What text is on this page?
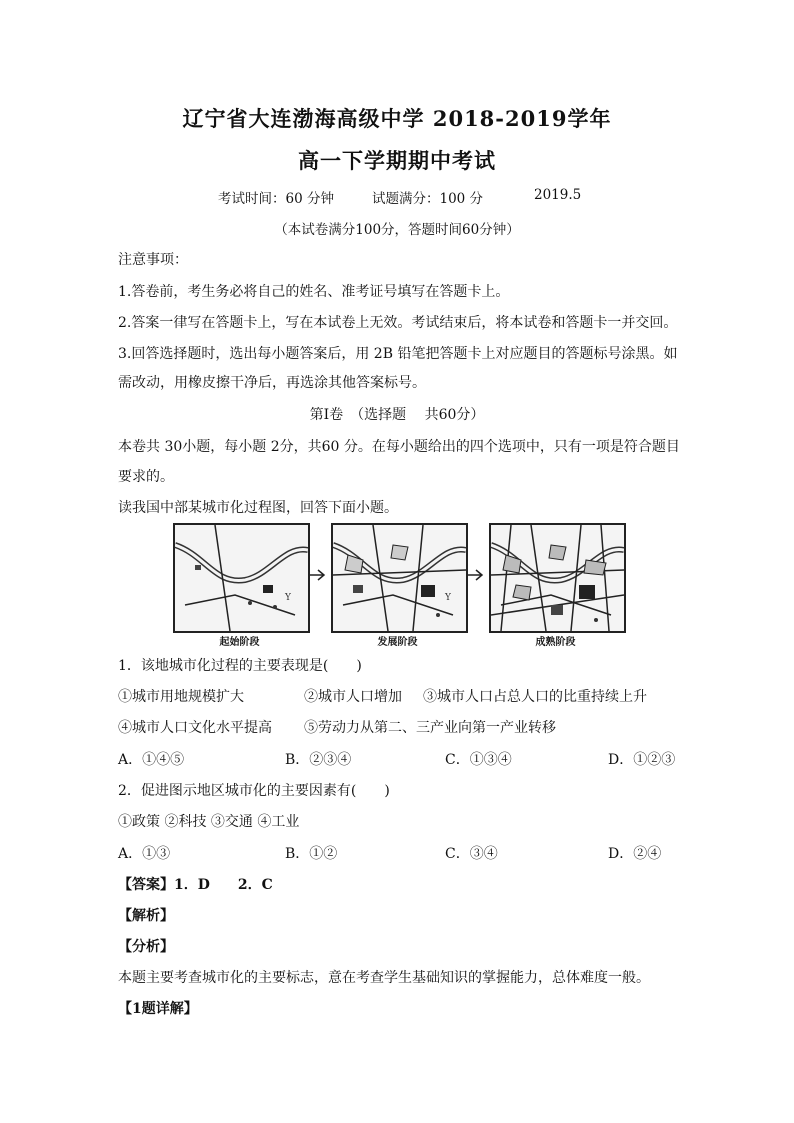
辽宁省大连渤海高级中学 2018-2019学年
高一下学期期中考试
考试时间：60 分钟	试题满分：100 分	2019.5
（本试卷满分100分，答题时间60分钟）
注意事项：
1.答卷前，考生务必将自己的姓名、准考证号填写在答题卡上。
2.答案一律写在答题卡上，写在本试卷上无效。考试结束后，将本试卷和答题卡一并交回。
3.回答选择题时，选出每小题答案后，用 2B 铅笔把答题卡上对应题目的答题标号涂黑。如
需改动，用橡皮擦干净后，再选涂其他答案标号。
第Ⅰ卷　（选择题　 共60分）
本卷共 30小题，每小题 2分，共60 分。在每小题给出的四个选项中，只有一项是符合题目
要求的。
读我国中部某城市化过程图，回答下面小题。
Y
起始阶段
Y
发展阶段	成熟阶段
1．该地城市化过程的主要表现是(　　)
①城市用地规模扩大	②城市人口增加 ③城市人口占总人口的比重持续上升
④城市人口文化水平提高 ⑤劳动力从第二、三产业向第一产业转移
A．①④⑤	B．②③④	C．①③④	D．①②③
2．促进图示地区城市化的主要因素有(　　)
①政策 ②科技 ③交通 ④工业
A．①③	B．①②	C．③④	D．②④
【答案】1．D　　2．C
【解析】
【分析】
本题主要考查城市化的主要标志，意在考查学生基础知识的掌握能力，总体难度一般。
【1题详解】
